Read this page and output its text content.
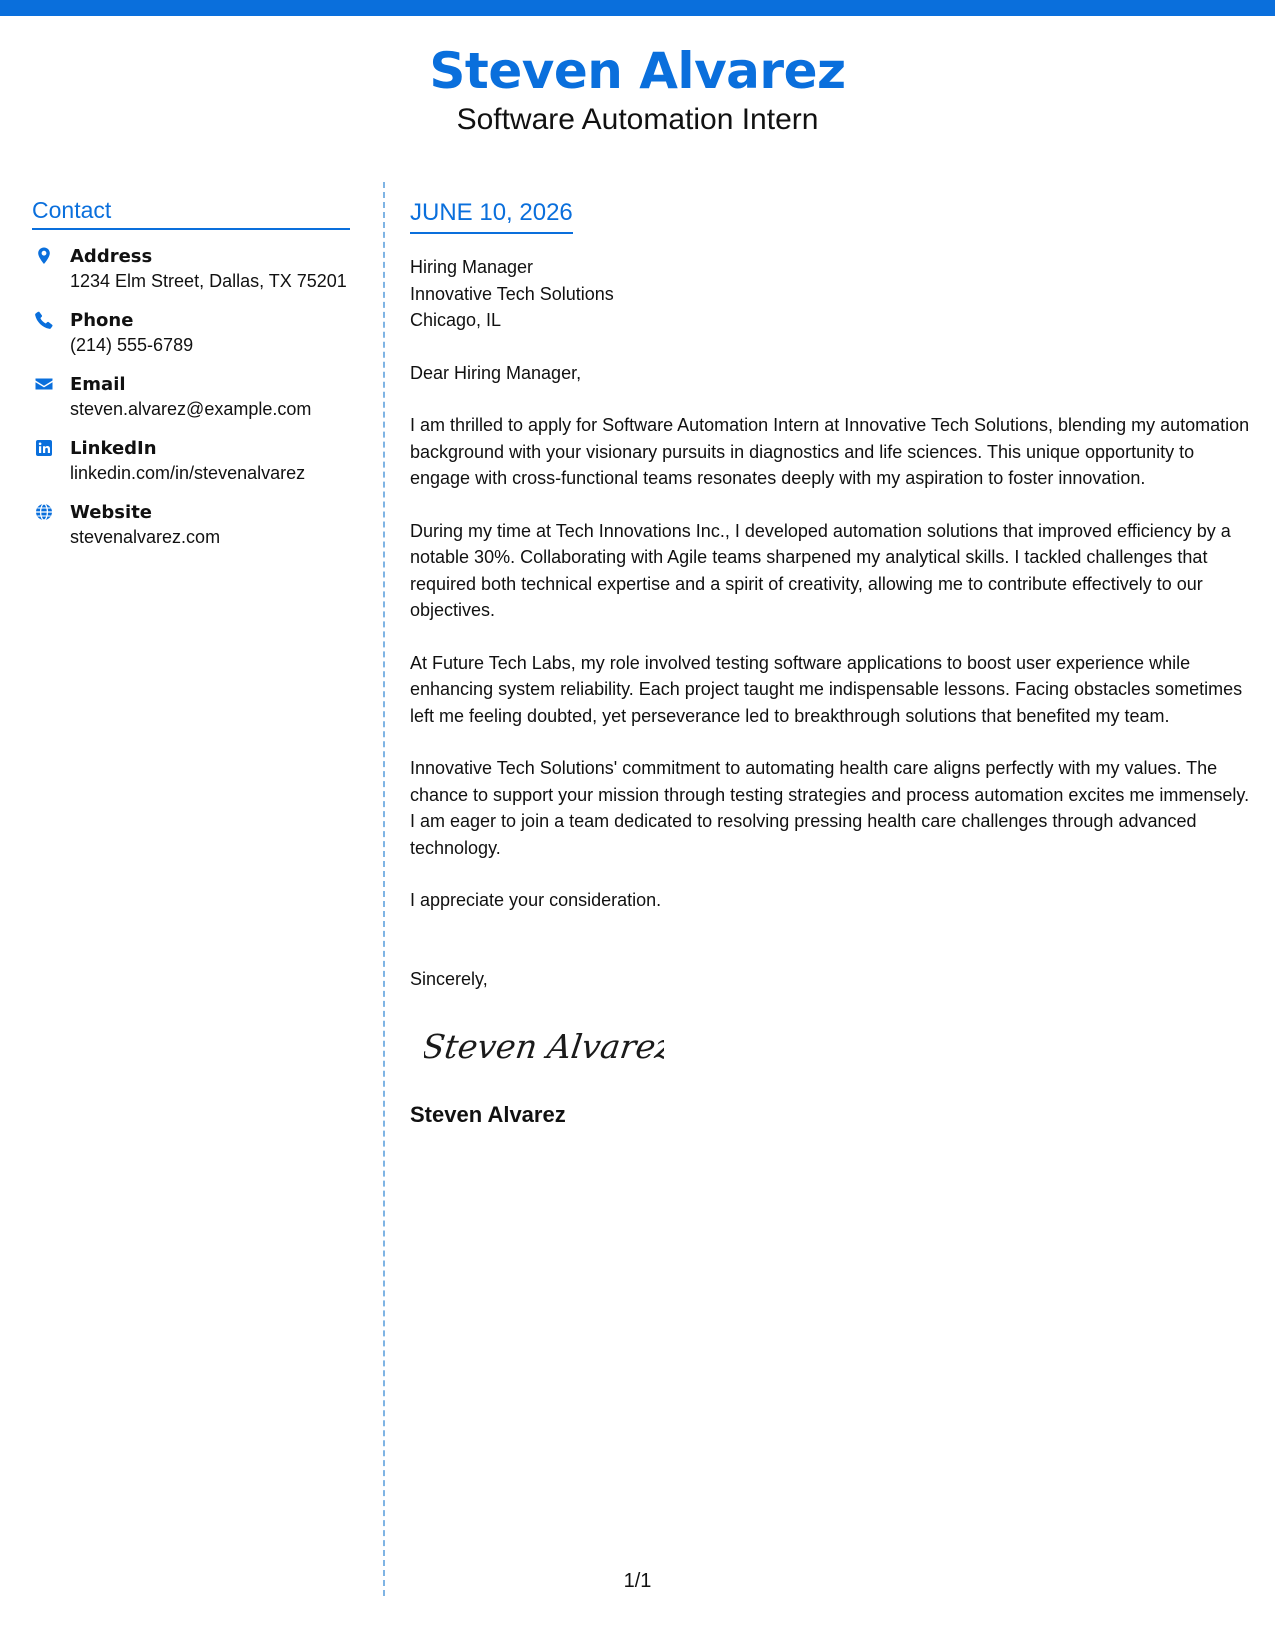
Steven Alvarez
Software Automation Intern
Contact
Address
1234 Elm Street, Dallas, TX 75201
Phone
(214) 555-6789
Email
steven.alvarez@example.com
LinkedIn
linkedin.com/in/stevenalvarez
Website
stevenalvarez.com
JUNE 10, 2026
Hiring Manager
Innovative Tech Solutions
Chicago, IL

Dear Hiring Manager,

I am thrilled to apply for Software Automation Intern at Innovative Tech Solutions, blending my automation background with your visionary pursuits in diagnostics and life sciences. This unique opportunity to engage with cross-functional teams resonates deeply with my aspiration to foster innovation.

During my time at Tech Innovations Inc., I developed automation solutions that improved efficiency by a notable 30%. Collaborating with Agile teams sharpened my analytical skills. I tackled challenges that required both technical expertise and a spirit of creativity, allowing me to contribute effectively to our objectives.

At Future Tech Labs, my role involved testing software applications to boost user experience while enhancing system reliability. Each project taught me indispensable lessons. Facing obstacles sometimes left me feeling doubted, yet perseverance led to breakthrough solutions that benefited my team.

Innovative Tech Solutions' commitment to automating health care aligns perfectly with my values. The chance to support your mission through testing strategies and process automation excites me immensely. I am eager to join a team dedicated to resolving pressing health care challenges through advanced technology.

I appreciate your consideration.

Sincerely,
Steven Alvarez
Steven Alvarez
1/1
